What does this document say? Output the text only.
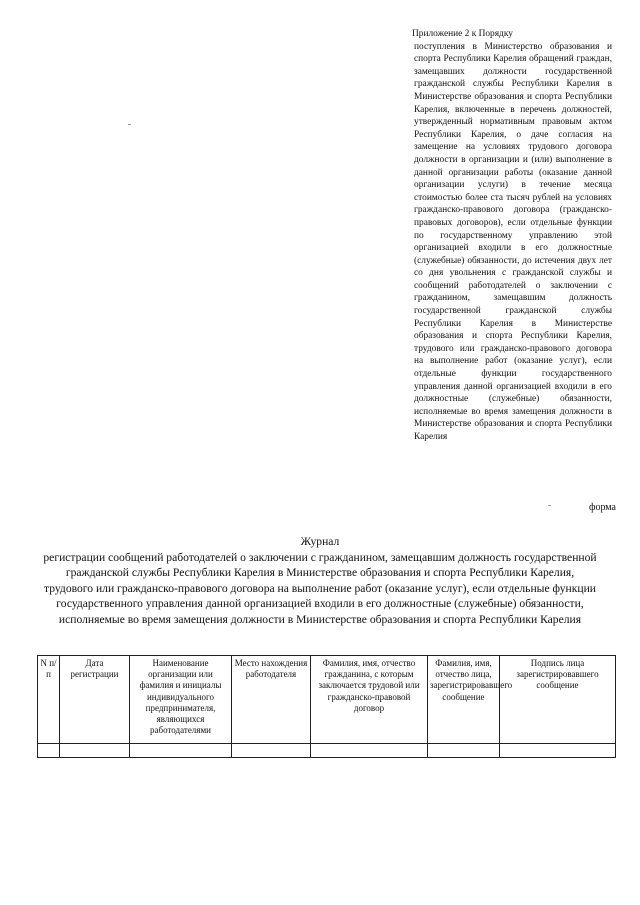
Приложение 2 к Порядку
поступления в Министерство образования и спорта Республики Карелия обращений граждан, замещавших должности государственной гражданской службы Республики Карелия в Министерстве образования и спорта Республики Карелия, включенные в перечень должностей, утвержденный нормативным правовым актом Республики Карелия, о даче согласия на замещение на условиях трудового договора должности в организации и (или) выполнение в данной организации работы (оказание данной организации услуги) в течение месяца стоимостью более ста тысяч рублей на условиях гражданско-правового договора (гражданско-правовых договоров), если отдельные функции по государственному управлению этой организацией входили в его должностные (служебные) обязанности, до истечения двух лет со дня увольнения с гражданской службы и сообщений работодателей о заключении с гражданином, замещавшим должность государственной гражданской службы Республики Карелия в Министерстве образования и спорта Республики Карелия, трудового или гражданско-правового договора на выполнение работ (оказание услуг), если отдельные функции государственного управления данной организацией входили в его должностные (служебные) обязанности, исполняемые во время замещения должности в Министерстве образования и спорта Республики Карелия
форма
Журнал
регистрации сообщений работодателей о заключении с гражданином, замещавшим должность государственной гражданской службы Республики Карелия в Министерстве образования и спорта Республики Карелия, трудового или гражданско-правового договора на выполнение работ (оказание услуг), если отдельные функции государственного управления данной организацией входили в его должностные (служебные) обязанности, исполняемые во время замещения должности в Министерстве образования и спорта Республики Карелия
N п/п	Дата регистрации	Наименование организации или фамилия и инициалы индивидуального предпринимателя, являющихся работодателями	Место нахождения работодателя	Фамилия, имя, отчество гражданина, с которым заключается трудовой или гражданско-правовой договор	Фамилия, имя, отчество лица, зарегистрировавшего сообщение	Подпись лица зарегистрировавшего сообщение
